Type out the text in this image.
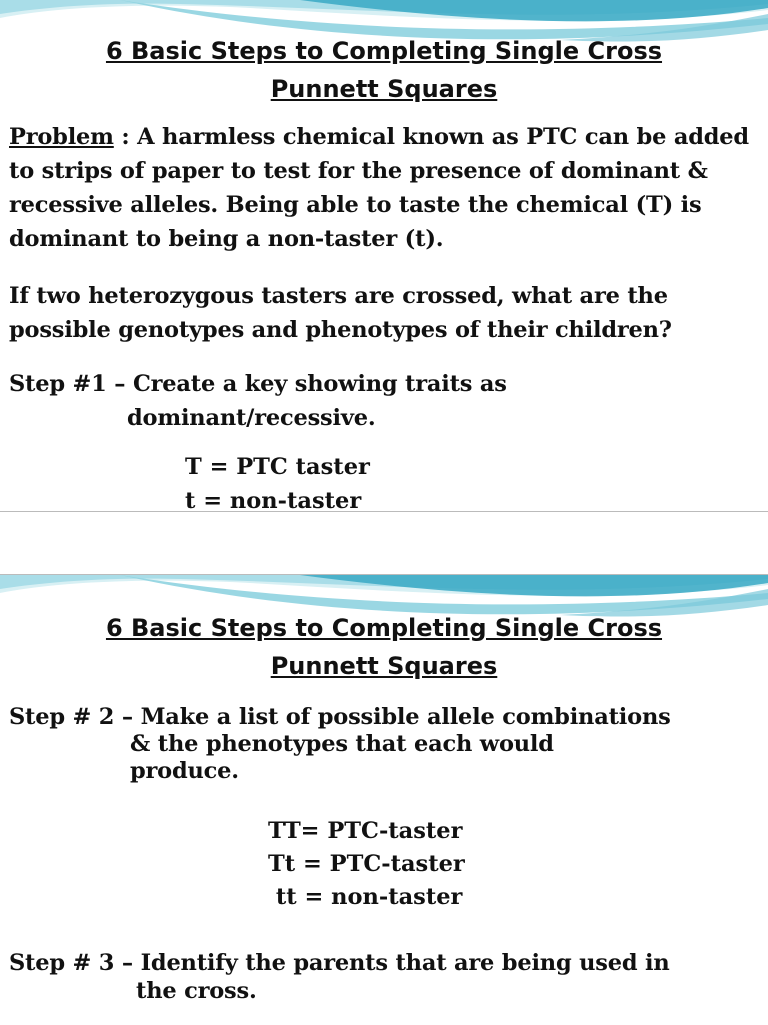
6 Basic Steps to Completing Single Cross
Punnett Squares
Problem : A harmless chemical known as PTC can be added to strips of paper to test for the presence of dominant & recessive alleles. Being able to taste the chemical (T) is dominant to being a non-taster (t).
If two heterozygous tasters are crossed, what are the possible genotypes and phenotypes of their children?
Step #1 – Create a key showing traits as
dominant/recessive.
T = PTC taster
t = non-taster
6 Basic Steps to Completing Single Cross
Punnett Squares
Step # 2 – Make a list of possible allele combinations
& the phenotypes that each would
produce.
TT= PTC-taster
Tt = PTC-taster
tt = non-taster
Step # 3 – Identify the parents that are being used in
the cross.
